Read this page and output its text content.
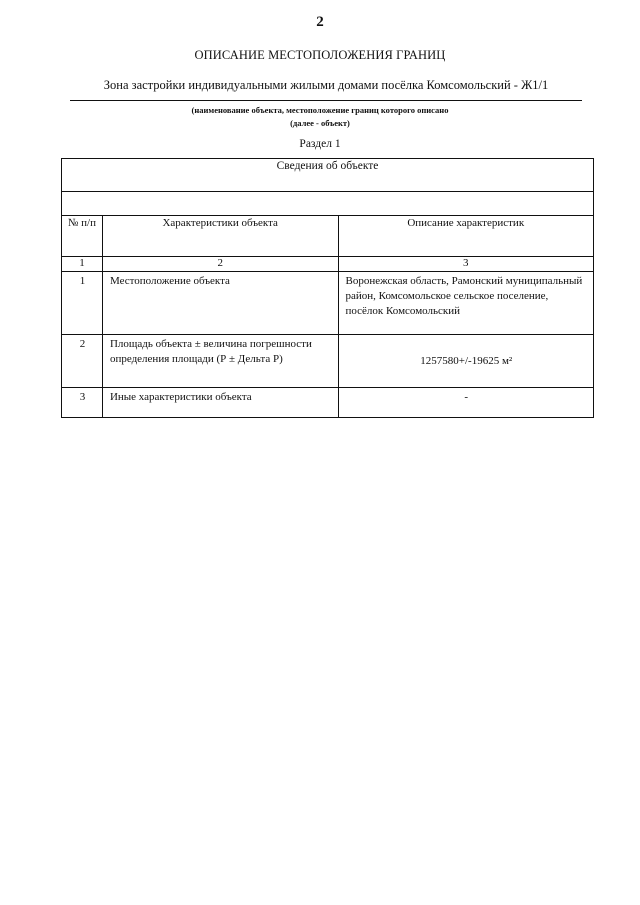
2
ОПИСАНИЕ МЕСТОПОЛОЖЕНИЯ ГРАНИЦ
Зона застройки индивидуальными жилыми домами посёлка Комсомольский - Ж1/1
(наименование объекта, местоположение границ которого описано
(далее - объект)
Раздел 1
Сведения об объекте		

№ п/п	Характеристики объекта	Описание характеристик
1	2	3

1	Местоположение объекта	Воронежская область, Рамонский муниципальный район, Комсомольское сельское поселение, посёлок Комсомольский

2	Площадь объекта ± величина погрешности определения площади (Р ± Дельта Р)	1257580+/-19625 м²

3	Иные характеристики объекта	-
